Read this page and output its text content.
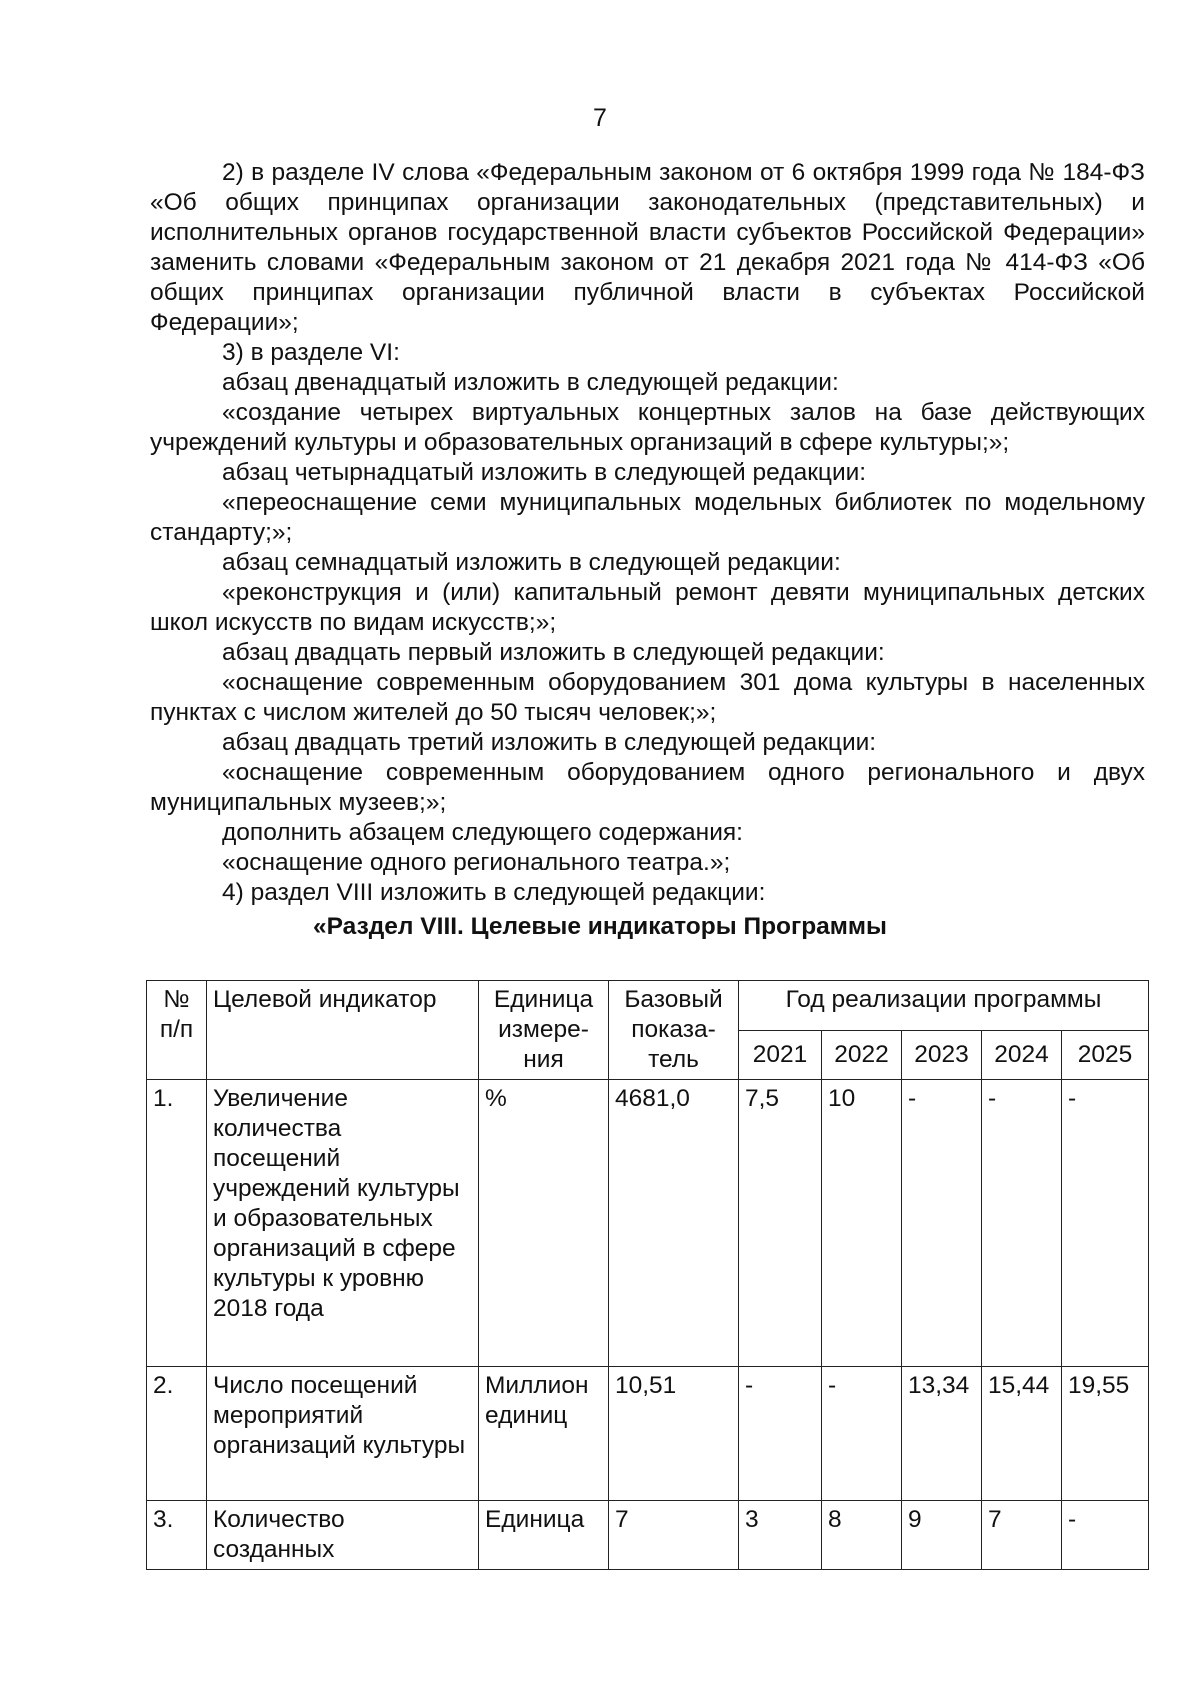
7

2) в разделе IV слова «Федеральным законом от 6 октября 1999 года № 184-ФЗ «Об общих принципах организации законодательных (представительных) и исполнительных органов государственной власти субъектов Российской Федерации» заменить словами «Федеральным законом от 21 декабря 2021 года № 414-ФЗ «Об общих принципах организации публичной власти в субъектах Российской Федерации»;

3) в разделе VI:

абзац двенадцатый изложить в следующей редакции:

«создание четырех виртуальных концертных залов на базе действующих учреждений культуры и образовательных организаций в сфере культуры;»;

абзац четырнадцатый изложить в следующей редакции:

«переоснащение семи муниципальных модельных библиотек по модельному стандарту;»;

абзац семнадцатый изложить в следующей редакции:

«реконструкция и (или) капитальный ремонт девяти муниципальных детских школ искусств по видам искусств;»;

абзац двадцать первый изложить в следующей редакции:

«оснащение современным оборудованием 301 дома культуры в населенных пунктах с числом жителей до 50 тысяч человек;»;

абзац двадцать третий изложить в следующей редакции:

«оснащение современным оборудованием одного регионального и двух муниципальных музеев;»;

дополнить абзацем следующего содержания:

«оснащение одного регионального театра.»;

4) раздел VIII изложить в следующей редакции:

«Раздел VIII. Целевые индикаторы Программы
№ п/п	Целевой индикатор	Единица измере-ния	Базовый показа-тель	Год реализации программы				
				2021	2022	2023	2024	2025
1.	Увеличение количества посещений учреждений культуры и образовательных организаций в сфере культуры к уровню 2018 года	%	4681,0	7,5	10	-	-	-
2.	Число посещений мероприятий организаций культуры	Миллион единиц	10,51	-	-	13,34	15,44	19,55
3.	Количество созданных	Единица	7	3	8	9	7	-
